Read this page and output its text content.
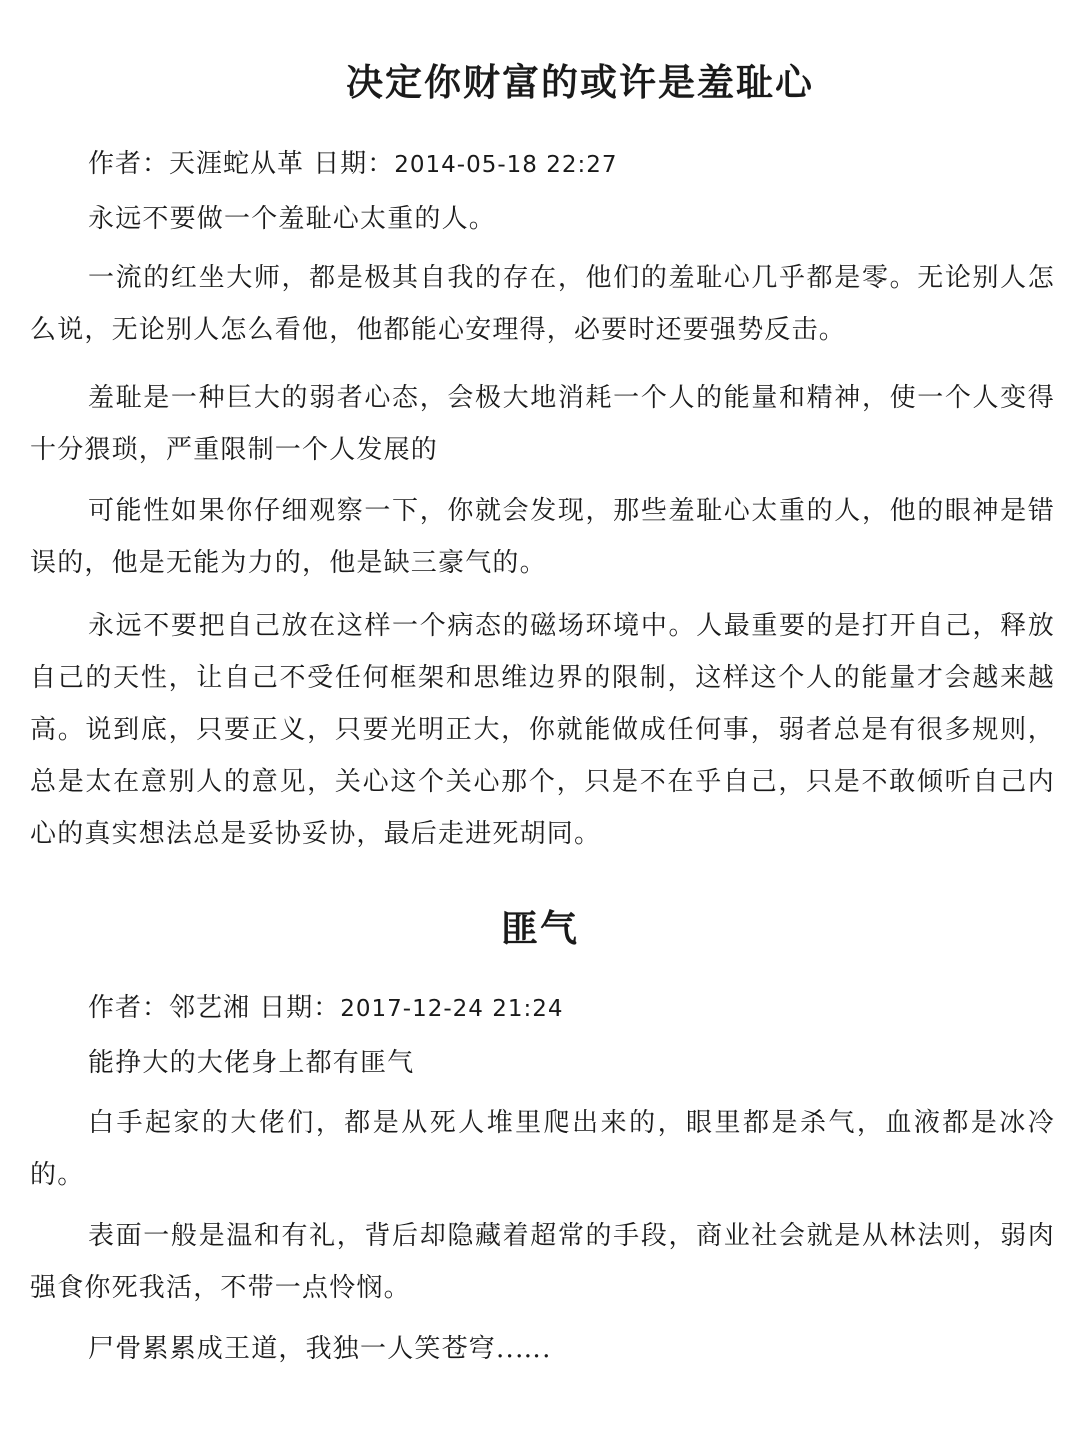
决定你财富的或许是羞耻心
作者：天涯蛇从革 日期：2014-05-18 22:27

永远不要做一个羞耻心太重的人。

一流的红坐大师，都是极其自我的存在，他们的羞耻心几乎都是零。无论别人怎么说，无论别人怎么看他，他都能心安理得，必要时还要强势反击。

羞耻是一种巨大的弱者心态，会极大地消耗一个人的能量和精神，使一个人变得十分猥琐，严重限制一个人发展的

可能性如果你仔细观察一下，你就会发现，那些羞耻心太重的人，他的眼神是错误的，他是无能为力的，他是缺三豪气的。

永远不要把自己放在这样一个病态的磁场环境中。人最重要的是打开自己，释放自己的天性，让自己不受任何框架和思维边界的限制，这样这个人的能量才会越来越高。说到底，只要正义，只要光明正大，你就能做成任何事，弱者总是有很多规则，总是太在意别人的意见，关心这个关心那个，只是不在乎自己，只是不敢倾听自己内心的真实想法总是妥协妥协，最后走进死胡同。

匪气
作者：邻艺湘 日期：2017-12-24 21:24

能挣大的大佬身上都有匪气

白手起家的大佬们，都是从死人堆里爬出来的，眼里都是杀气，血液都是冰冷的。

表面一般是温和有礼，背后却隐藏着超常的手段，商业社会就是从林法则，弱肉强食你死我活，不带一点怜悯。

尸骨累累成王道，我独一人笑苍穹..….
